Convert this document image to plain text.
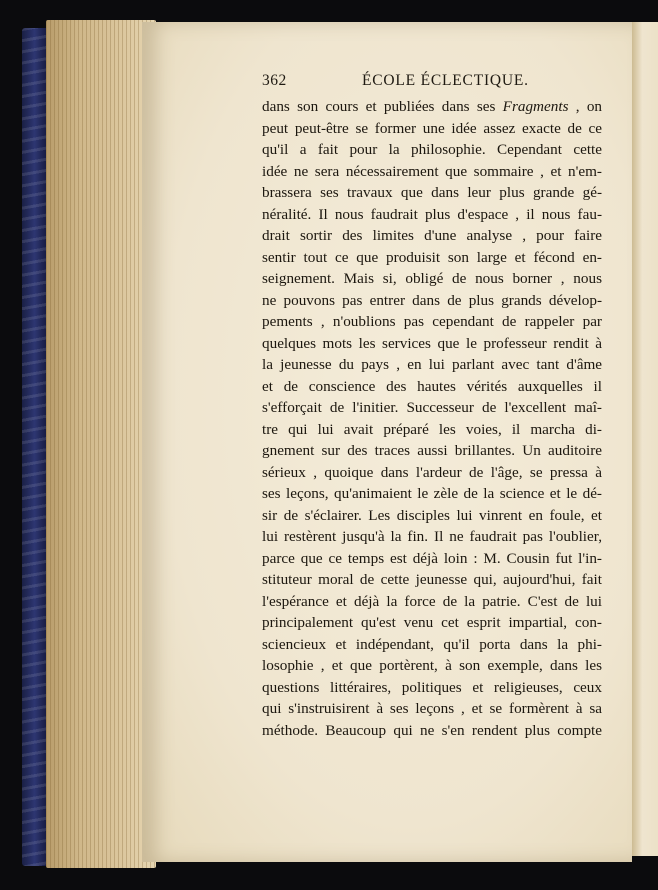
362	ÉCOLE ÉCLECTIQUE.
dans son cours et publiées dans ses Fragments , on
peut peut-être se former une idée assez exacte de ce
qu'il a fait pour la philosophie. Cependant cette
idée ne sera nécessairement que sommaire , et n'em-
brassera ses travaux que dans leur plus grande gé-
néralité. Il nous faudrait plus d'espace , il nous fau-
drait sortir des limites d'une analyse , pour faire
sentir tout ce que produisit son large et fécond en-
seignement. Mais si, obligé de nous borner , nous
ne pouvons pas entrer dans de plus grands dévelop-
pements , n'oublions pas cependant de rappeler par
quelques mots les services que le professeur rendit à
la jeunesse du pays , en lui parlant avec tant d'âme
et de conscience des hautes vérités auxquelles il
s'efforçait de l'initier. Successeur de l'excellent maî-
tre qui lui avait préparé les voies, il marcha di-
gnement sur des traces aussi brillantes. Un auditoire
sérieux , quoique dans l'ardeur de l'âge, se pressa à
ses leçons, qu'animaient le zèle de la science et le dé-
sir de s'éclairer. Les disciples lui vinrent en foule, et
lui restèrent jusqu'à la fin. Il ne faudrait pas l'oublier,
parce que ce temps est déjà loin : M. Cousin fut l'in-
stituteur moral de cette jeunesse qui, aujourd'hui, fait
l'espérance et déjà la force de la patrie. C'est de lui
principalement qu'est venu cet esprit impartial, con-
sciencieux et indépendant, qu'il porta dans la phi-
losophie , et que portèrent, à son exemple, dans les
questions littéraires, politiques et religieuses, ceux
qui s'instruisirent à ses leçons , et se formèrent à sa
méthode. Beaucoup qui ne s'en rendent plus compte
